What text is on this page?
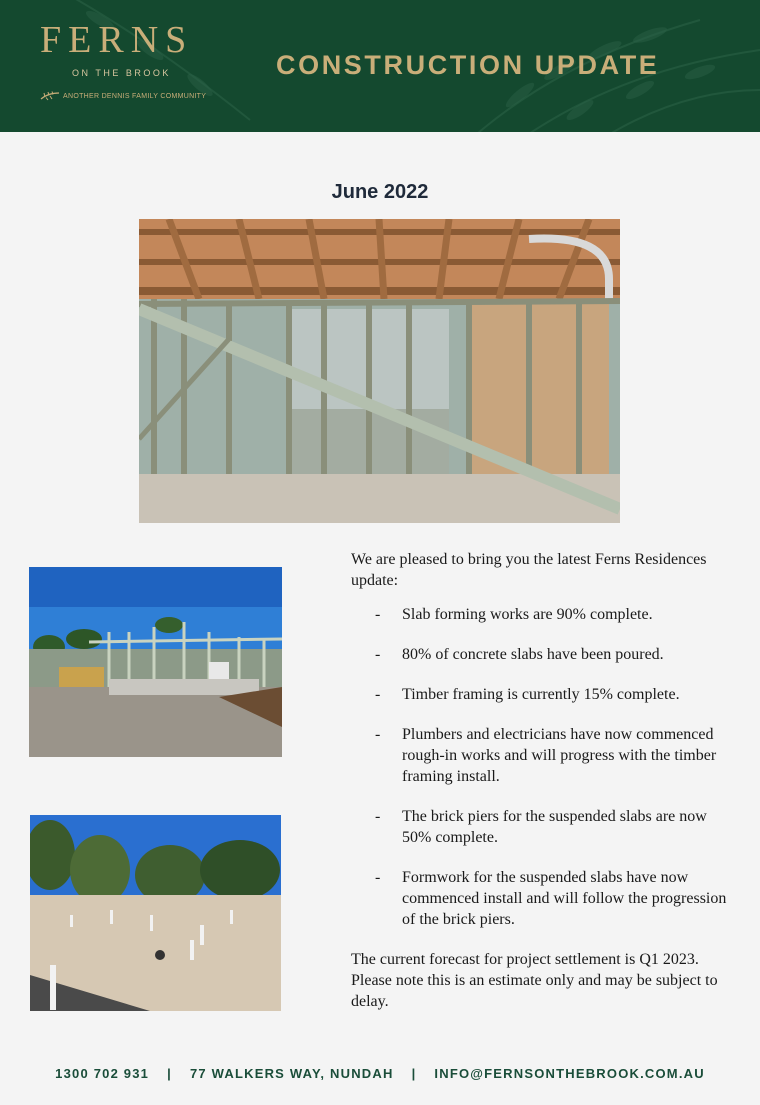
FERNS
ON THE BROOK
ANOTHER DENNIS FAMILY COMMUNITY
CONSTRUCTION UPDATE
June 2022

We are pleased to bring you the latest Ferns Residences update:

-	Slab forming works are 90% complete.
-	80% of concrete slabs have been poured.
-	Timber framing is currently 15% complete.
-	Plumbers and electricians have now commenced rough-in works and will progress with the timber framing install.
-	The brick piers for the suspended slabs are now 50% complete.
-	Formwork for the suspended slabs have now commenced install and will follow the progression of the brick piers.

The current forecast for project settlement is Q1 2023. Please note this is an estimate only and may be subject to delay.

1300 702 931 | 77 WALKERS WAY, NUNDAH | INFO@FERNSONTHEBROOK.COM.AU
